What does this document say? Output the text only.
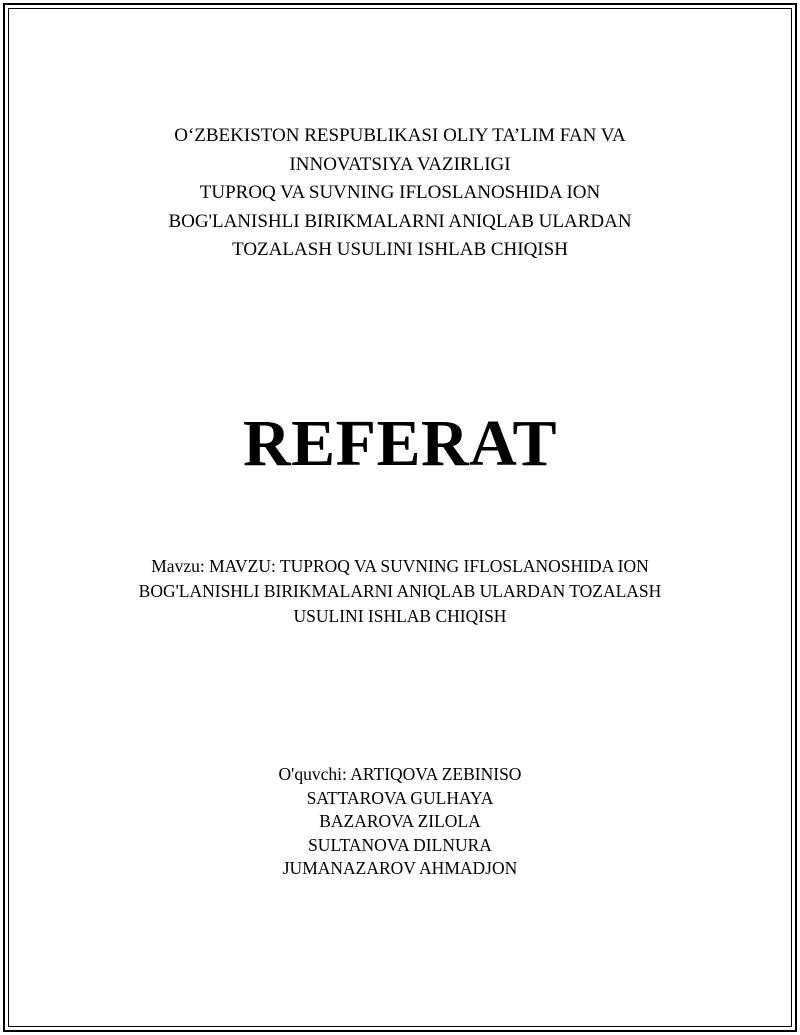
O‘ZBEKISTON RESPUBLIKASI OLIY TA’LIM FAN VA
INNOVATSIYA VAZIRLIGI
TUPROQ VA SUVNING IFLOSLANOSHIDA ION
BOG'LANISHLI BIRIKMALARNI ANIQLAB ULARDAN
TOZALASH USULINI ISHLAB CHIQISH
REFERAT
Mavzu: MAVZU: TUPROQ VA SUVNING IFLOSLANOSHIDA ION
BOG'LANISHLI BIRIKMALARNI ANIQLAB ULARDAN TOZALASH
USULINI ISHLAB CHIQISH
O'quvchi: ARTIQOVA ZEBINISO
SATTAROVA GULHAYA
BAZAROVA ZILOLA
SULTANOVA DILNURA
JUMANAZAROV AHMADJON
